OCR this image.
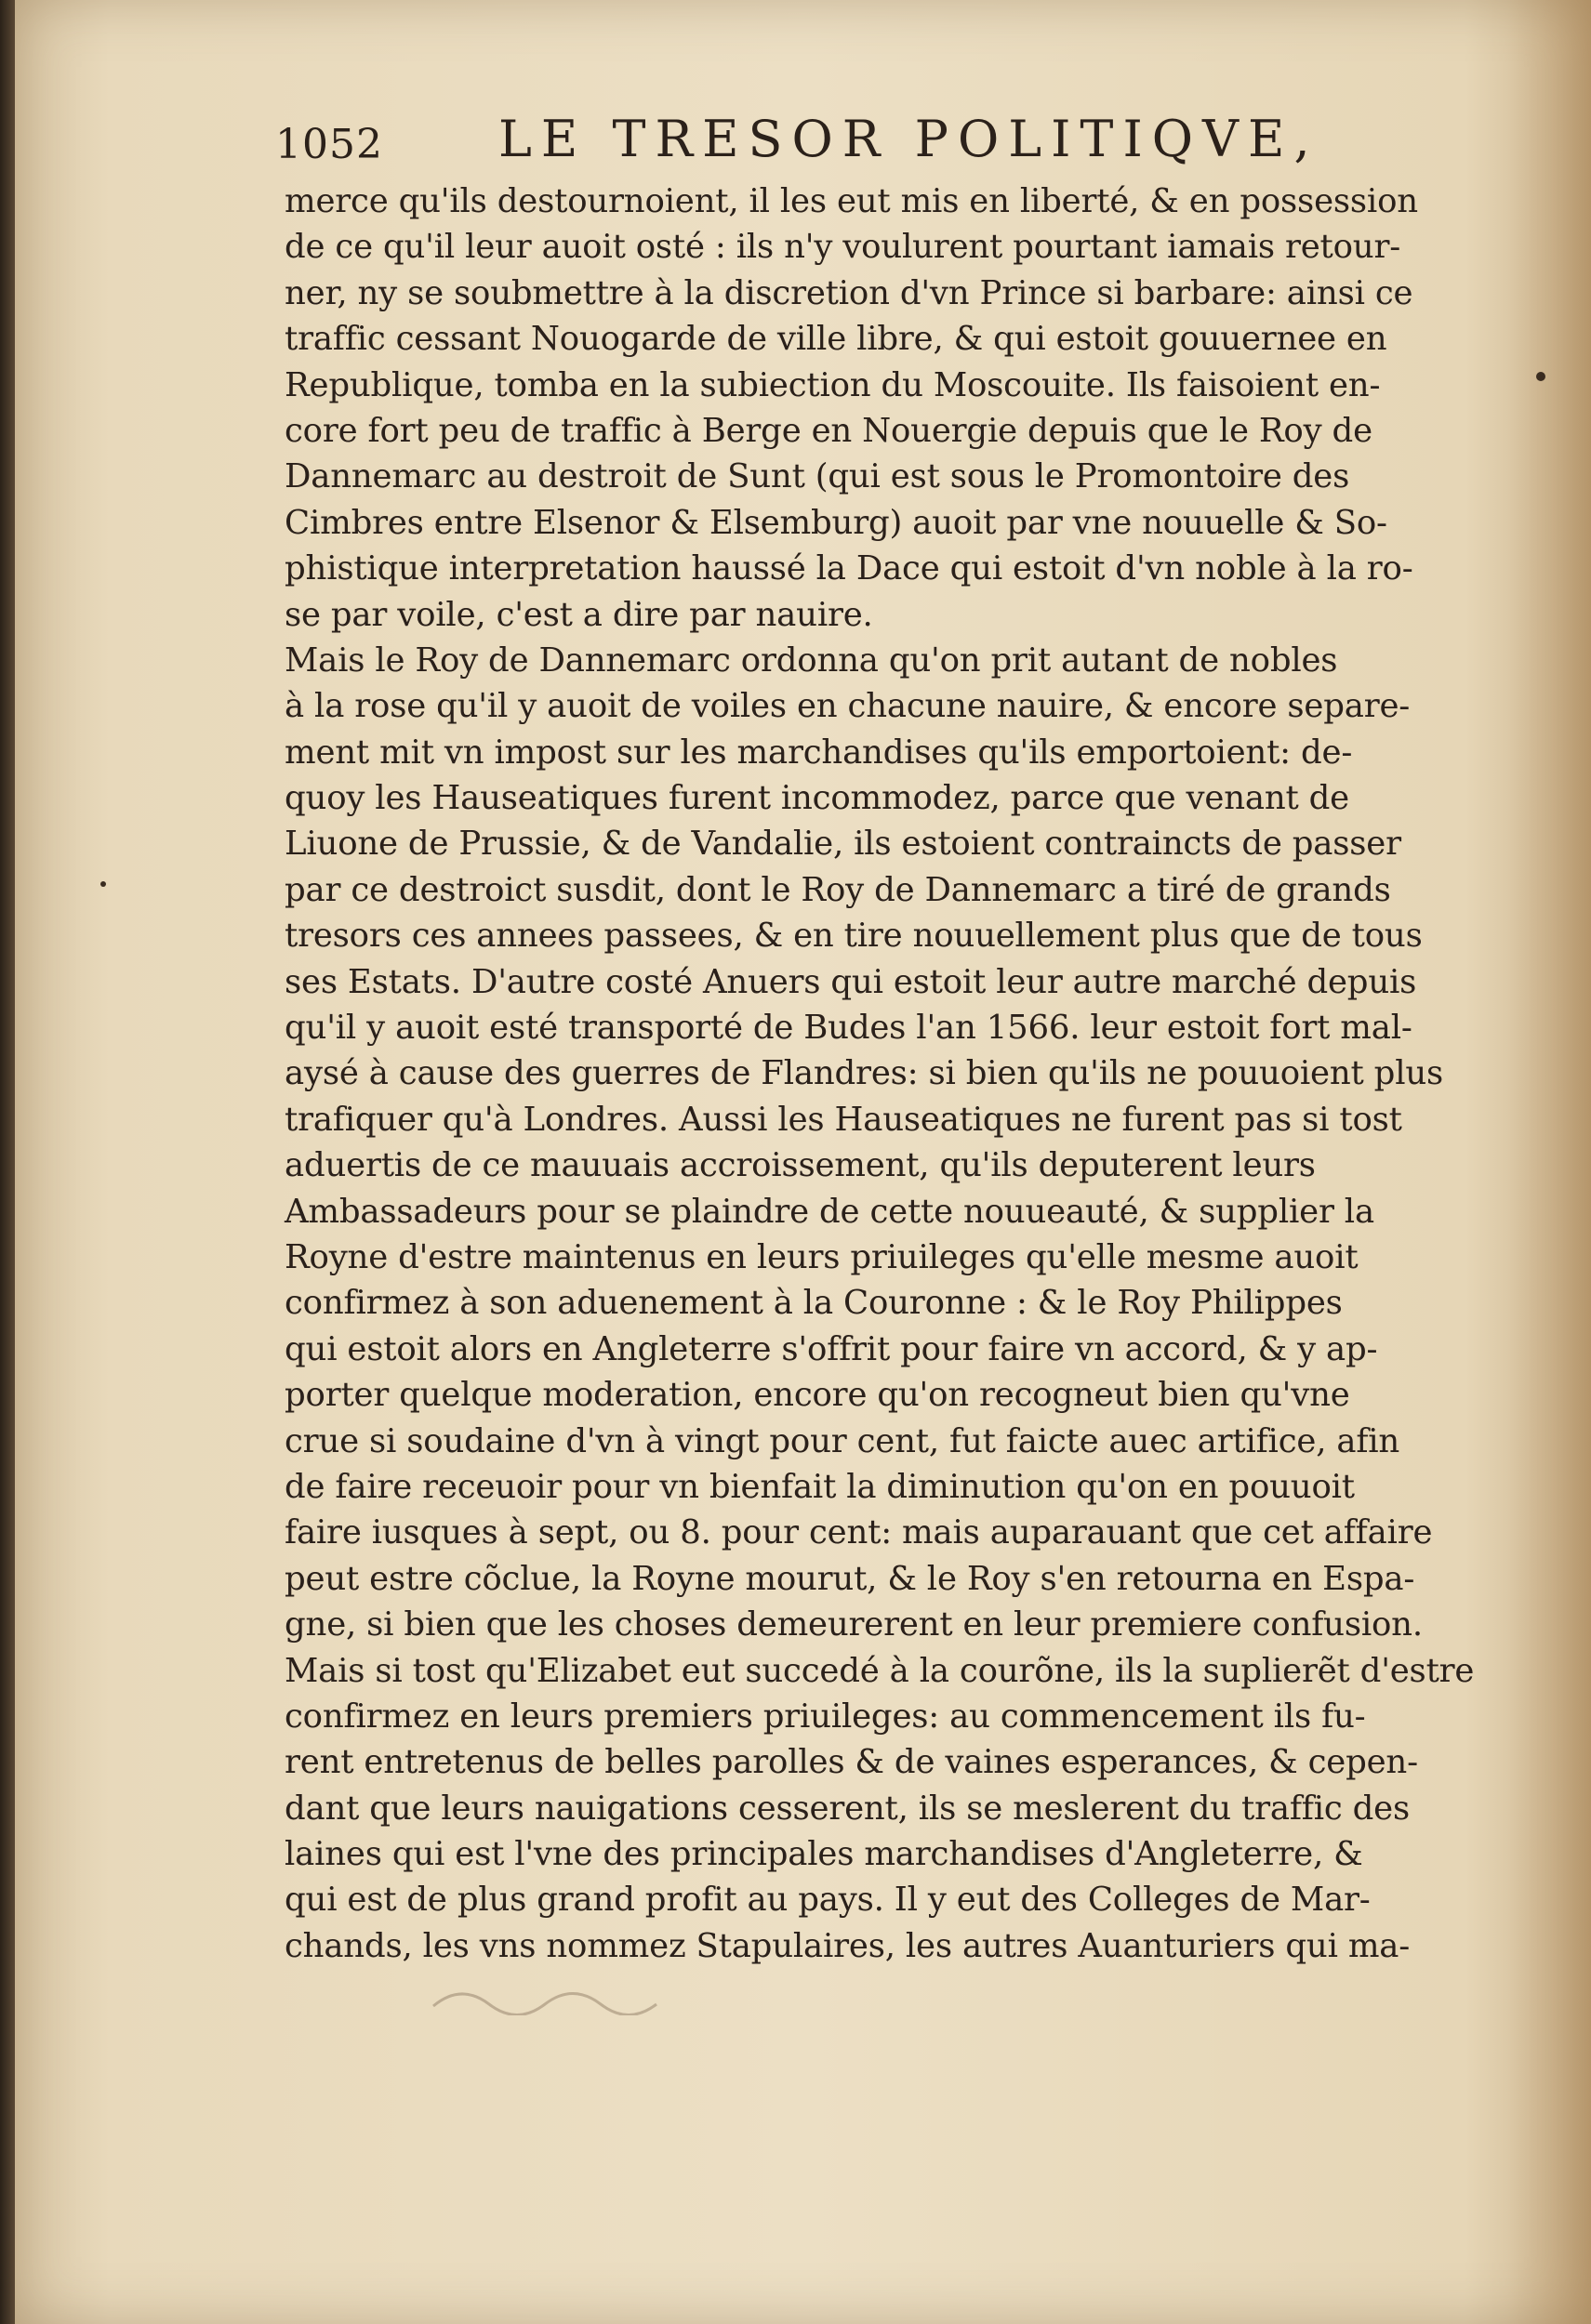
1052 LE TRESOR POLITIQVE,
merce qu'ils destournoient, il les eut mis en liberté, & en possession
de ce qu'il leur auoit osté : ils n'y voulurent pourtant iamais retour-
ner, ny se soubmettre à la discretion d'vn Prince si barbare: ainsi ce
traffic cessant Nouogarde de ville libre, & qui estoit gouuernee en
Republique, tomba en la subiection du Moscouite. Ils faisoient en-
core fort peu de traffic à Berge en Nouergie depuis que le Roy de
Dannemarc au destroit de Sunt (qui est sous le Promontoire des
Cimbres entre Elsenor & Elsemburg) auoit par vne nouuelle & So-
phistique interpretation haussé la Dace qui estoit d'vn noble à la ro-
se par voile, c'est a dire par nauire.
Mais le Roy de Dannemarc ordonna qu'on prit autant de nobles
à la rose qu'il y auoit de voiles en chacune nauire, & encore separe-
ment mit vn impost sur les marchandises qu'ils emportoient: de-
quoy les Hauseatiques furent incommodez, parce que venant de
Liuone de Prussie, & de Vandalie, ils estoient contraincts de passer
par ce destroict susdit, dont le Roy de Dannemarc a tiré de grands
tresors ces annees passees, & en tire nouuellement plus que de tous
ses Estats. D'autre costé Anuers qui estoit leur autre marché depuis
qu'il y auoit esté transporté de Budes l'an 1566. leur estoit fort mal-
aysé à cause des guerres de Flandres: si bien qu'ils ne pouuoient plus
trafiquer qu'à Londres. Aussi les Hauseatiques ne furent pas si tost
aduertis de ce mauuais accroissement, qu'ils deputerent leurs
Ambassadeurs pour se plaindre de cette nouueauté, & supplier la
Royne d'estre maintenus en leurs priuileges qu'elle mesme auoit
confirmez à son aduenement à la Couronne : & le Roy Philippes
qui estoit alors en Angleterre s'offrit pour faire vn accord, & y ap-
porter quelque moderation, encore qu'on recogneut bien qu'vne
crue si soudaine d'vn à vingt pour cent, fut faicte auec artifice, afin
de faire receuoir pour vn bienfait la diminution qu'on en pouuoit
faire iusques à sept, ou 8. pour cent: mais auparauant que cet affaire
peut estre cõclue, la Royne mourut, & le Roy s'en retourna en Espa-
gne, si bien que les choses demeurerent en leur premiere confusion.
Mais si tost qu'Elizabet eut succedé à la courõne, ils la suplierẽt d'estre
confirmez en leurs premiers priuileges: au commencement ils fu-
rent entretenus de belles parolles & de vaines esperances, & cepen-
dant que leurs nauigations cesserent, ils se meslerent du traffic des
laines qui est l'vne des principales marchandises d'Angleterre, &
qui est de plus grand profit au pays. Il y eut des Colleges de Mar-
chands, les vns nommez Stapulaires, les autres Auanturiers qui ma-
